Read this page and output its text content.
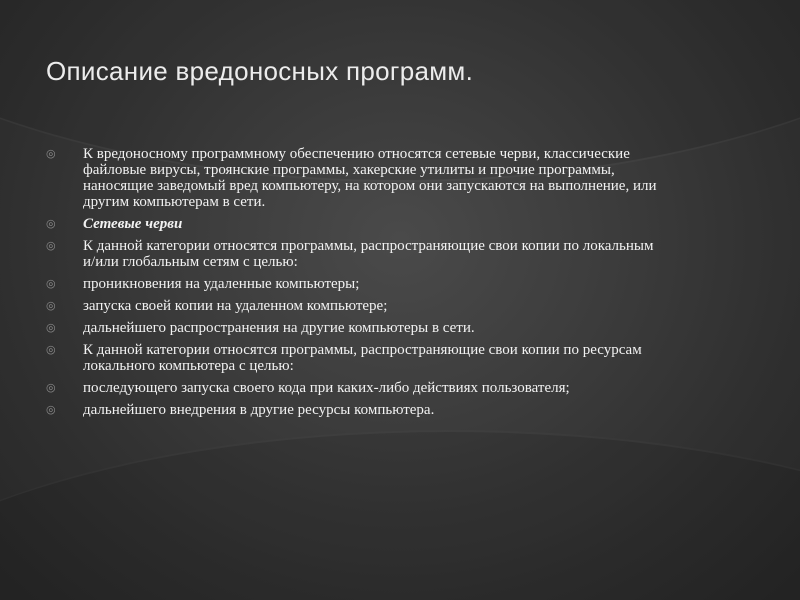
Описание вредоносных программ.
◎ К вредоносному программному обеспечению относятся сетевые черви, классические файловые вирусы, троянские программы, хакерские утилиты и прочие программы, наносящие заведомый вред компьютеру, на котором они запускаются на выполнение, или другим компьютерам в сети.
◎ Сетевые черви
◎ К данной категории относятся программы, распространяющие свои копии по локальным и/или глобальным сетям с целью:
◎ проникновения на удаленные компьютеры;
◎ запуска своей копии на удаленном компьютере;
◎ дальнейшего распространения на другие компьютеры в сети.
◎ К данной категории относятся программы, распространяющие свои копии по ресурсам локального компьютера с целью:
◎ последующего запуска своего кода при каких-либо действиях пользователя;
◎ дальнейшего внедрения в другие ресурсы компьютера.
